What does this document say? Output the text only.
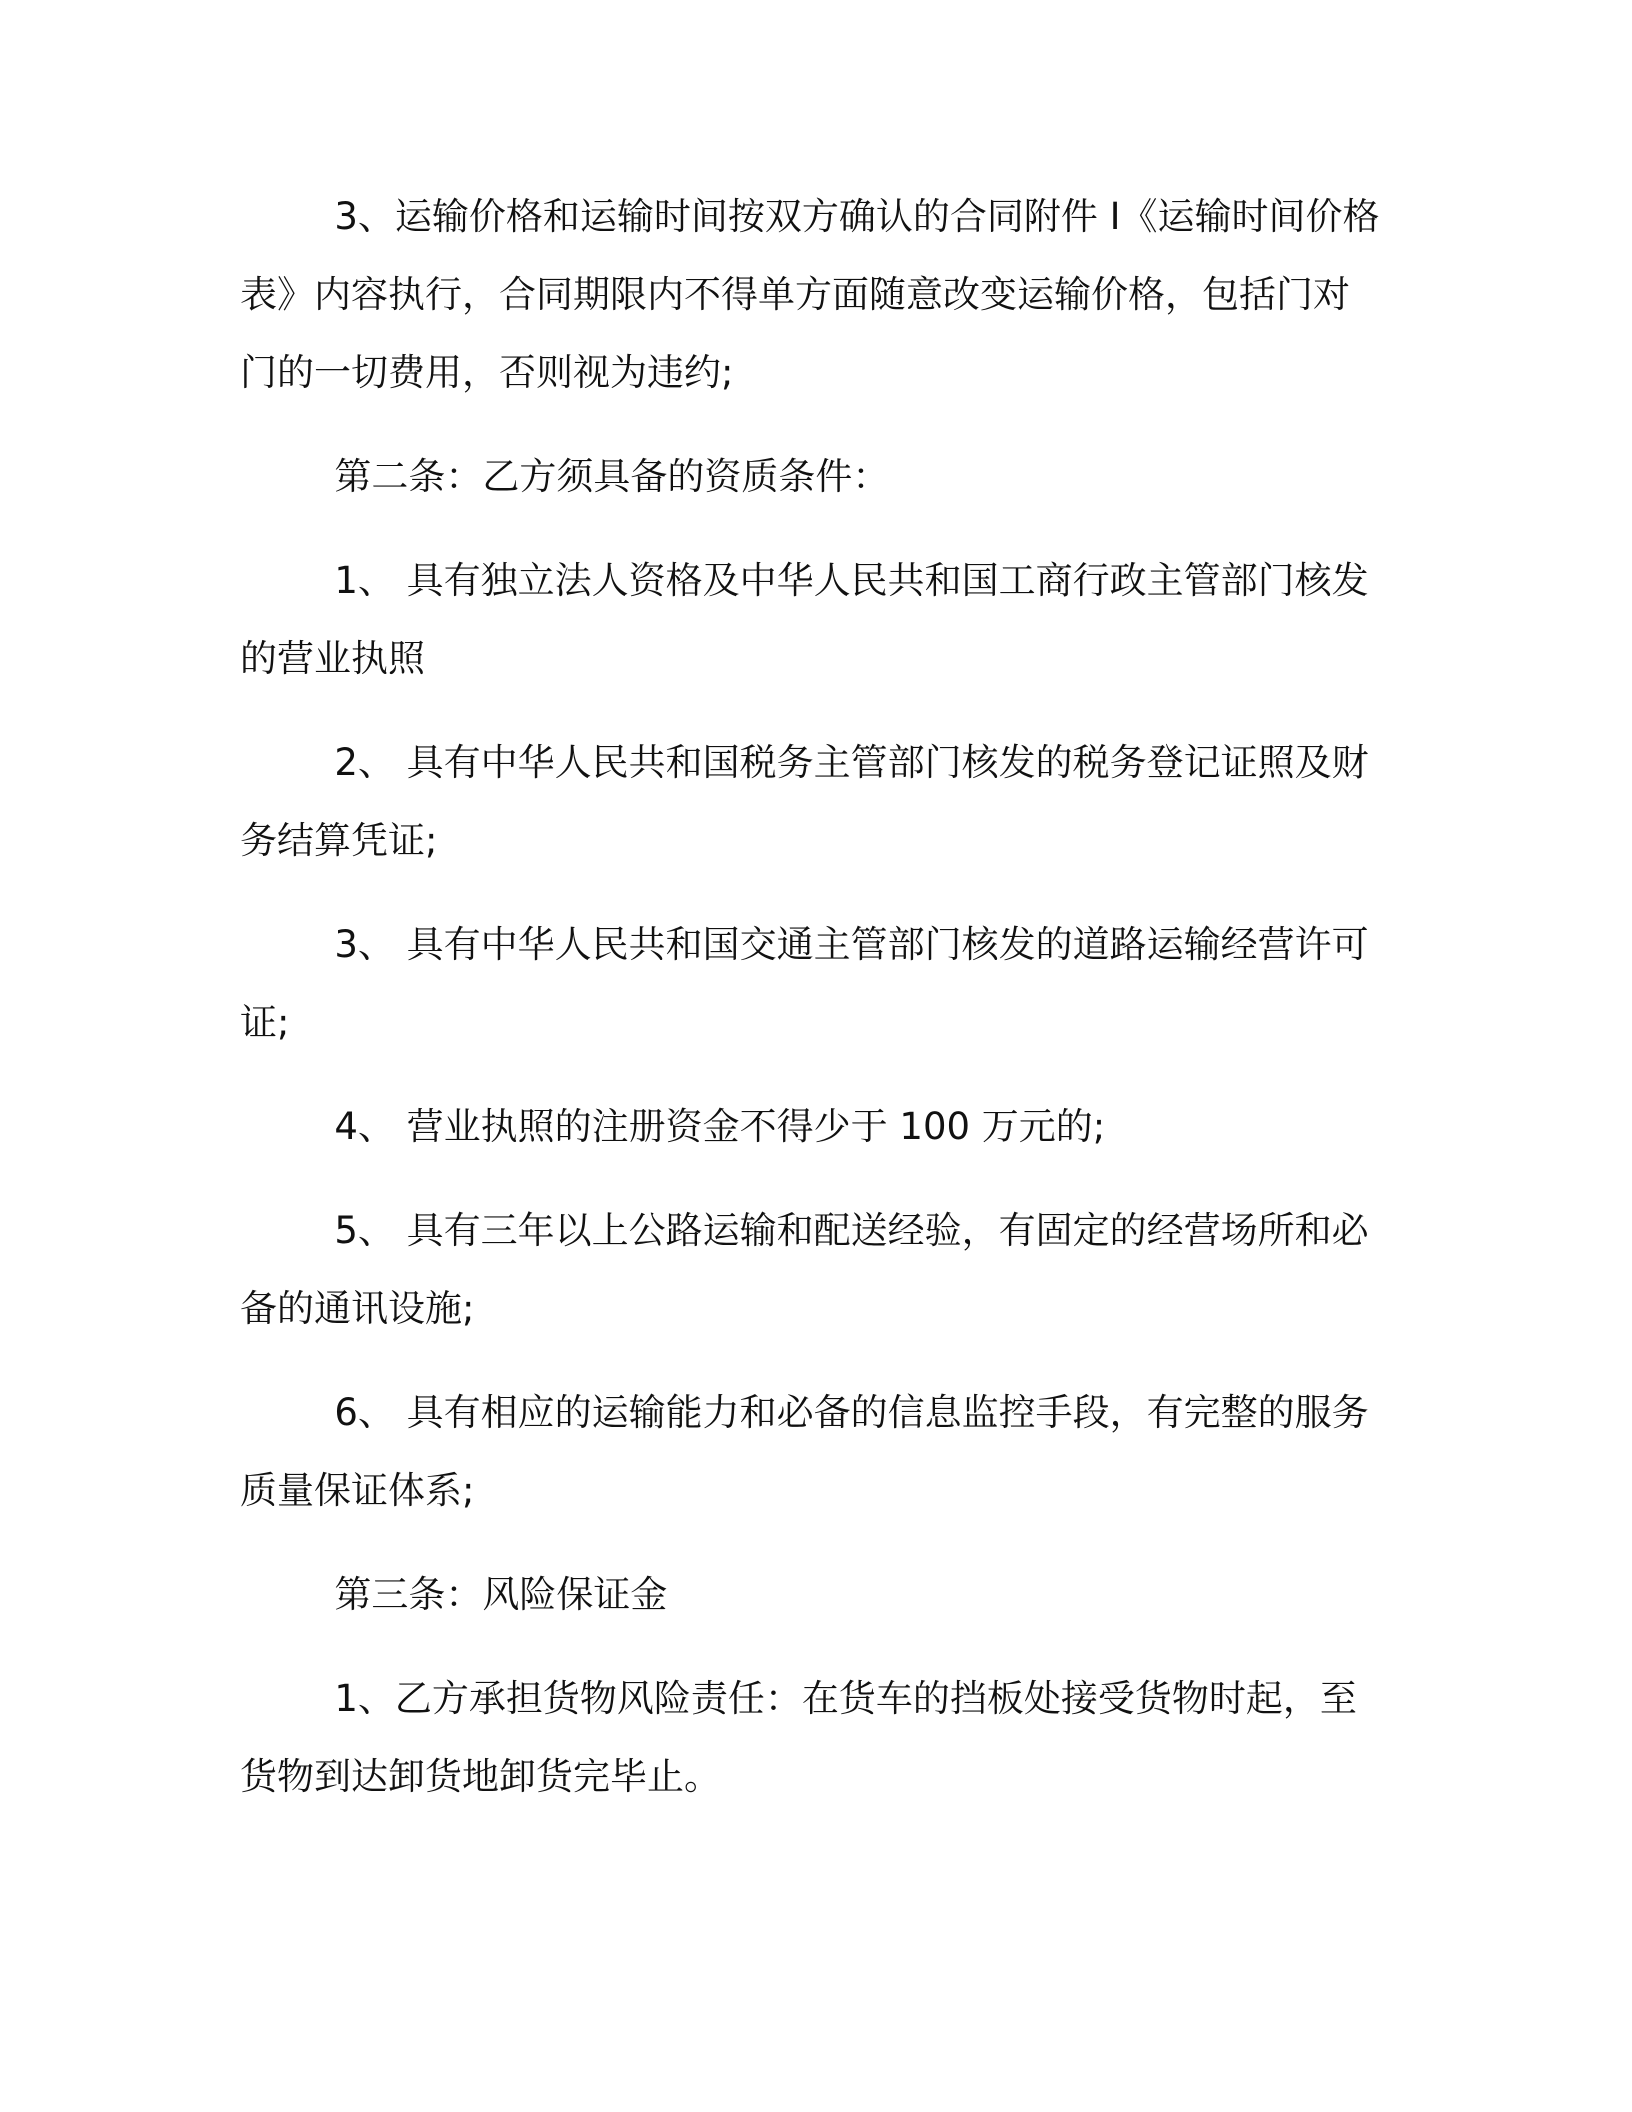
3、运输价格和运输时间按双方确认的合同附件 I《运输时间价格表》内容执行，合同期限内不得单方面随意改变运输价格，包括门对门的一切费用，否则视为违约;

第二条：乙方须具备的资质条件：

1、 具有独立法人资格及中华人民共和国工商行政主管部门核发的营业执照

2、 具有中华人民共和国税务主管部门核发的税务登记证照及财务结算凭证;

3、 具有中华人民共和国交通主管部门核发的道路运输经营许可证;

4、 营业执照的注册资金不得少于 100 万元的;

5、 具有三年以上公路运输和配送经验，有固定的经营场所和必备的通讯设施;

6、 具有相应的运输能力和必备的信息监控手段，有完整的服务质量保证体系;

第三条：风险保证金

1、乙方承担货物风险责任：在货车的挡板处接受货物时起，至货物到达卸货地卸货完毕止。
